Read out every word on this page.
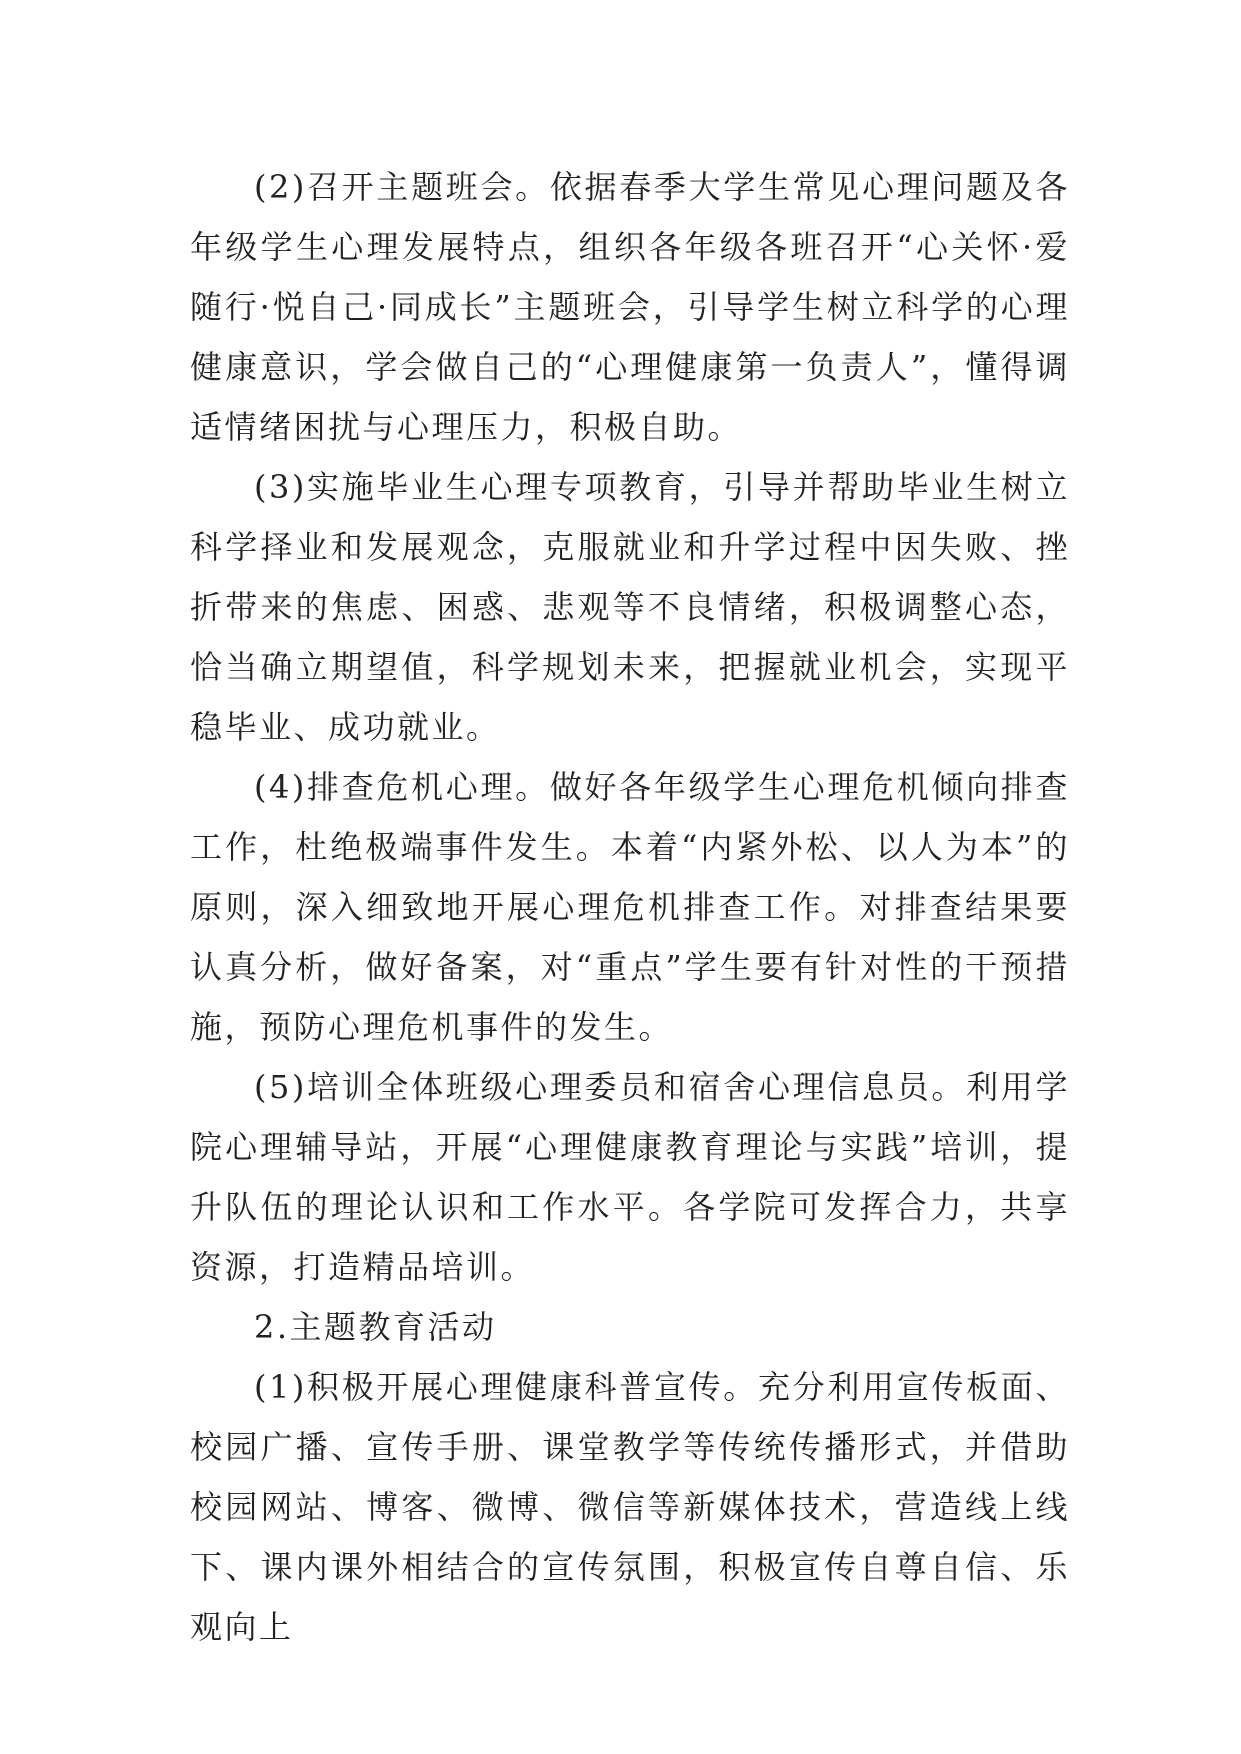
(2)召开主题班会。依据春季大学生常见心理问题及各年级学生心理发展特点，组织各年级各班召开“心关怀·爱随行·悦自己·同成长”主题班会，引导学生树立科学的心理健康意识，学会做自己的“心理健康第一负责人”，懂得调适情绪困扰与心理压力，积极自助。

(3)实施毕业生心理专项教育，引导并帮助毕业生树立科学择业和发展观念，克服就业和升学过程中因失败、挫折带来的焦虑、困惑、悲观等不良情绪，积极调整心态，恰当确立期望值，科学规划未来，把握就业机会，实现平稳毕业、成功就业。

(4)排查危机心理。做好各年级学生心理危机倾向排查工作，杜绝极端事件发生。本着“内紧外松、以人为本”的原则，深入细致地开展心理危机排查工作。对排查结果要认真分析，做好备案，对“重点”学生要有针对性的干预措施，预防心理危机事件的发生。

(5)培训全体班级心理委员和宿舍心理信息员。利用学院心理辅导站，开展“心理健康教育理论与实践”培训，提升队伍的理论认识和工作水平。各学院可发挥合力，共享资源，打造精品培训。

2.主题教育活动

(1)积极开展心理健康科普宣传。充分利用宣传板面、校园广播、宣传手册、课堂教学等传统传播形式，并借助校园网站、博客、微博、微信等新媒体技术，营造线上线下、课内课外相结合的宣传氛围，积极宣传自尊自信、乐观向上
